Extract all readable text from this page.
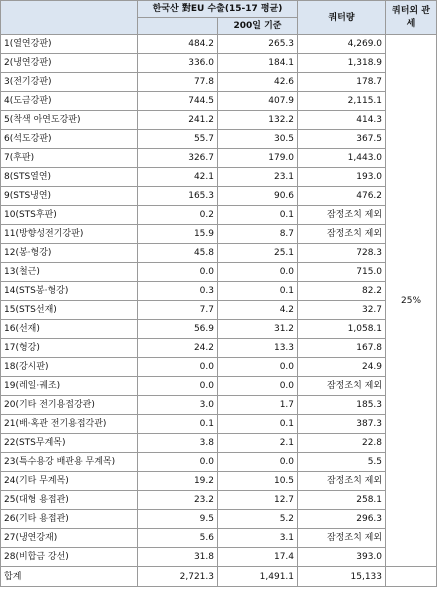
	한국산 對EU 수출(15-17 평균)		쿼터량	쿼터외 관세
		200일 기준		
1(열연강판)	484.2	265.3	4,269.0	25%
2(냉연강판)	336.0	184.1	1,318.9	
3(전기강판)	77.8	42.6	178.7	
4(도금강판)	744.5	407.9	2,115.1	
5(착색 아연도강판)	241.2	132.2	414.3	
6(석도강판)	55.7	30.5	367.5	
7(후판)	326.7	179.0	1,443.0	
8(STS열연)	42.1	23.1	193.0	
9(STS냉연)	165.3	90.6	476.2	
10(STS후판)	0.2	0.1	잠정조치 제외	
11(방향성전기강판)	15.9	8.7	잠정조치 제외	
12(봉·형강)	45.8	25.1	728.3	
13(철근)	0.0	0.0	715.0	
14(STS봉·형강)	0.3	0.1	82.2	
15(STS선재)	7.7	4.2	32.7	
16(선재)	56.9	31.2	1,058.1	
17(형강)	24.2	13.3	167.8	
18(강시판)	0.0	0.0	24.9	
19(레일·궤조)	0.0	0.0	잠정조치 제외	
20(기타 전기용접강관)	3.0	1.7	185.3	
21(배·혹관 전기용접각관)	0.1	0.1	387.3	
22(STS무계목)	3.8	2.1	22.8	
23(특수용강 배관용 무계목)	0.0	0.0	5.5	
24(기타 무계목)	19.2	10.5	잠정조치 제외	
25(대형 용접관)	23.2	12.7	258.1	
26(기타 용접관)	9.5	5.2	296.3	
27(냉연강재)	5.6	3.1	잠정조치 제외	
28(비합금 강선)	31.8	17.4	393.0	
합계	2,721.3	1,491.1	15,133	
